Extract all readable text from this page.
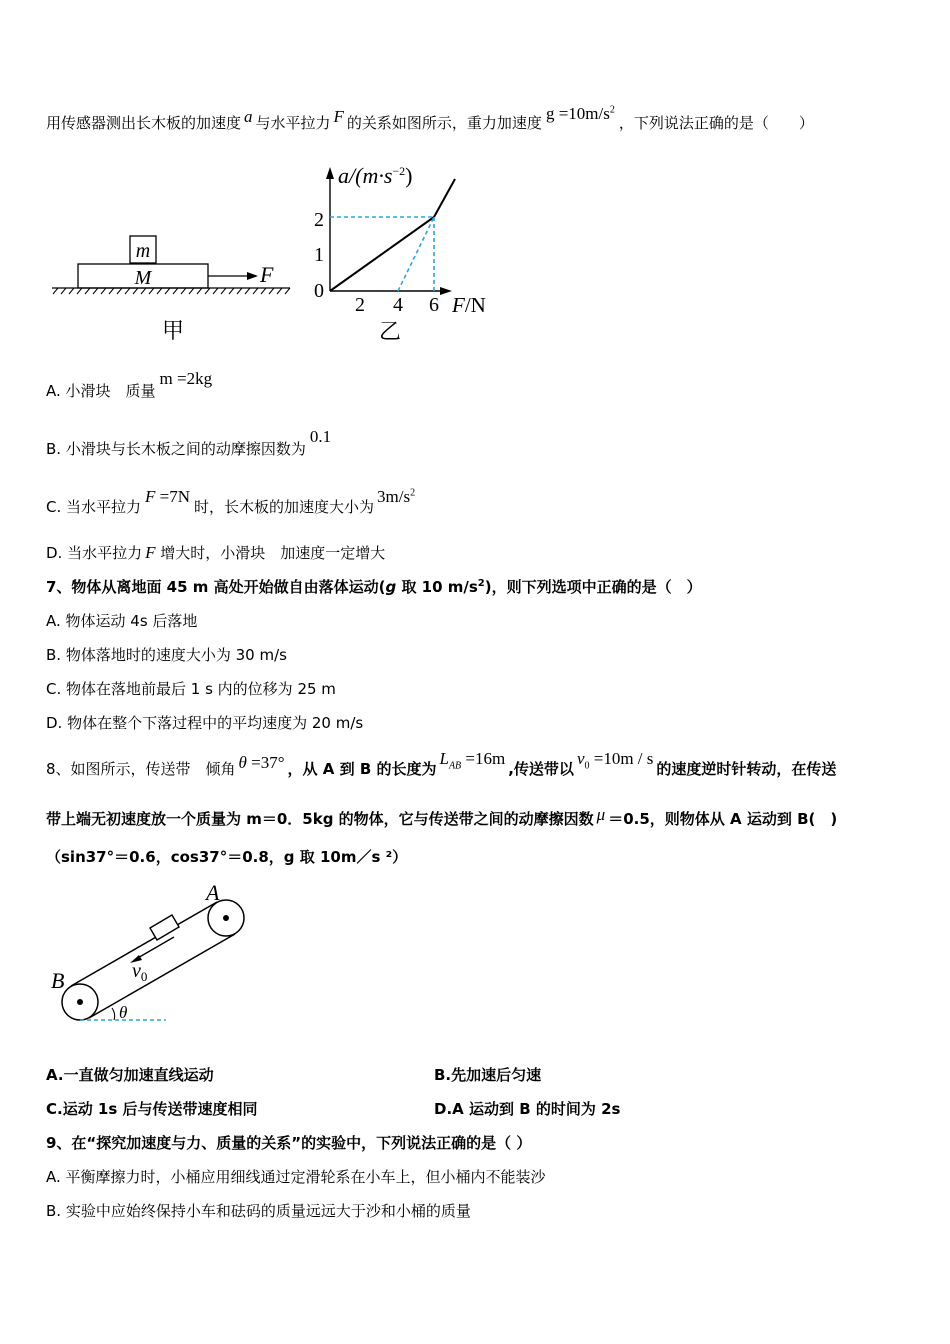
用传感器测出长木板的加速度 a 与水平拉力 F 的关系如图所示，重力加速度 $g =10m/s^2$，下列说法正确的是（　　）
m
M	F
甲
$a/(m\cdot s^{-2})$
2
1
0
2 4 6 F/N
乙
A. 小滑块　质量m =2kg
B. 小滑块与长木板之间的动摩擦因数为0.1
C. 当水平拉力F =7N时，长木板的加速度大小为$3m/s^2$
D. 当水平拉力 F 增大时，小滑块　加速度一定增大
7、物体从离地面 45 m 高处开始做自由落体运动(g 取 10 $m/s^2$)，则下列选项中正确的是（　）
A. 物体运动 4s 后落地
B. 物体落地时的速度大小为 30 m/s
C. 物体在落地前最后 1 s 内的位移为 25 m
D. 物体在整个下落过程中的平均速度为 20 m/s
8、如图所示，传送带　倾角 θ =37° ，从 A 到 B 的长度为$L_{AB} =16m$,传送带以$v_0 =10m / s$的速度逆时针转动，在传送
带上端无初速度放一个质量为 m＝0．5kg 的物体，它与传送带之间的动摩擦因数 μ ＝0.5，则物体从 A 运动到 B(　)
（sin37°＝0.6，cos37°＝0.8，g 取 10m／s ²）
$v_0$
A
B
θ
A.一直做匀加速直线运动	B.先加速后匀速
C.运动 1s 后与传送带速度相同	D.A 运动到 B 的时间为 2s
9、在“探究加速度与力、质量的关系”的实验中，下列说法正确的是（ ）
A. 平衡摩擦力时，小桶应用细线通过定滑轮系在小车上，但小桶内不能装沙
B. 实验中应始终保持小车和砝码的质量远远大于沙和小桶的质量
